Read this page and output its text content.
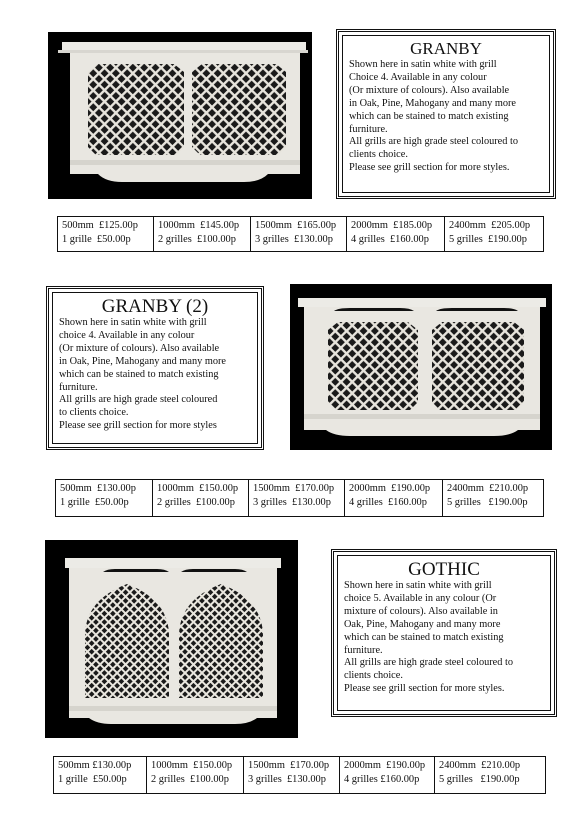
GRANBY

Shown here in satin white with grill

Choice 4. Available in any colour

(Or mixture of colours). Also available

in Oak, Pine, Mahogany and many more

which can be stained to match existing

furniture.

All grills are high grade steel coloured to

clients choice.

Please see grill section for more styles.

500mm  £125.00p
1 grille  £50.00p
1000mm  £145.00p
2 grilles  £100.00p
1500mm  £165.00p
3 grilles  £130.00p
2000mm  £185.00p
4 grilles  £160.00p
2400mm  £205.00p
5 grilles  £190.00p
GRANBY (2)

Shown here in satin white with grill

choice 4. Available in any colour

(Or mixture of colours). Also available

in Oak, Pine, Mahogany and many more

which can be stained to match existing

furniture.

All grills are high grade steel coloured

to clients choice.

Please see grill section for more styles

500mm  £130.00p
1 grille  £50.00p
1000mm  £150.00p
2 grilles  £100.00p
1500mm  £170.00p
3 grilles  £130.00p
2000mm  £190.00p
4 grilles  £160.00p
2400mm  £210.00p
5 grilles   £190.00p
GOTHIC

Shown here in satin white with grill

choice 5. Available in any colour (Or

mixture of colours). Also available in

Oak, Pine, Mahogany and many more

which can be stained to match existing

furniture.

All grills are high grade steel coloured to

clients choice.

Please see grill section for more styles.

500mm £130.00p
1 grille  £50.00p
1000mm  £150.00p
2 grilles  £100.00p
1500mm  £170.00p
3 grilles  £130.00p
2000mm  £190.00p
4 grilles £160.00p
2400mm  £210.00p
5 grilles   £190.00p
